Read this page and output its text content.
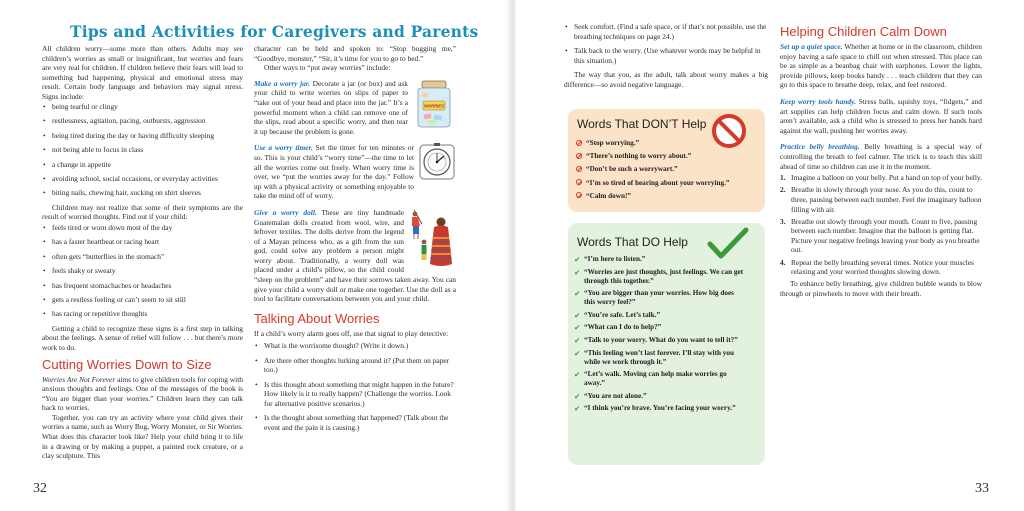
Tips and Activities for Caregivers and Parents

All children worry—some more than others. Adults may see children’s worries as small or insignificant, but worries and fears are very real for children. If children believe their fears will lead to something bad happening, physical and emotional stress may result. Certain body language and behaviors may signal stress. Signs include:

• being tearful or clingy
• restlessness, agitation, pacing, outbursts, aggression
• being tired during the day or having difficulty sleeping
• not being able to focus in class
• a change in appetite
• avoiding school, social occasions, or everyday activities
• biting nails, chewing hair, sucking on shirt sleeves

Children may not realize that some of their symptoms are the result of worried thoughts. Find out if your child:

• feels tired or worn down most of the day
• has a faster heartbeat or racing heart
• often gets “butterflies in the stomach”
• feels shaky or sweaty
• has frequent stomachaches or headaches
• gets a restless feeling or can’t seem to sit still
• has racing or repetitive thoughts

Getting a child to recognize these signs is a first step in talking about the feelings. A sense of relief will follow . . . but there’s more work to do.

Cutting Worries Down to Size

Worries Are Not Forever aims to give children tools for coping with anxious thoughts and feelings. One of the messages of the book is “You are bigger than your worries.” Children learn they can talk back to worries.

Together, you can try an activity where your child gives their worries a name, such as Worry Bug, Worry Monster, or Sir Worries. What does this character look like? Help your child bring it to life in a drawing or by making a puppet, a painted rock creature, or a clay sculpture. This

character can be held and spoken to: “Stop bugging me,” “Goodbye, monster,” “Sir, it’s time for you to go to bed.”

Other ways to “put away worries” include:

WORRIES

Make a worry jar. Decorate a jar (or box) and ask your child to write worries on slips of paper to “take out of your head and place into the jar.” It’s a powerful moment when a child can remove one of the slips, read about a specific worry, and then tear it up because the problem is gone.

Use a worry timer. Set the timer for ten minutes or so. This is your child’s “worry time”—the time to let all the worries come out freely. When worry time is over, we “put the worries away for the day.” Follow up with a physical activity or something enjoyable to take the mind off of worry.

Give a worry doll. These are tiny handmade Guatemalan dolls created from wool, wire, and leftover textiles. The dolls derive from the legend of a Mayan princess who, as a gift from the sun god, could solve any problem a person might worry about. Traditionally, a worry doll was placed under a child’s pillow, so the child could “sleep on the problem” and have their sorrows taken away. You can give your child a worry doll or make one together. Use the doll as a tool to facilitate conversations between you and your child.

Talking About Worries

If a child’s worry alarm goes off, use that signal to play detective:

• What is the worrisome thought? (Write it down.)
• Are there other thoughts lurking around it? (Put them on paper too.)
• Is this thought about something that might happen in the future? How likely is it to really happen? (Challenge the worries. Look for alternative positive scenarios.)
• Is the thought about something that happened? (Talk about the event and the pain it is causing.)
32
• Seek comfort. (Find a safe space, or if that’s not possible, use the breathing techniques on page 24.)
• Talk back to the worry. (Use whatever words may be helpful in this situation.)

The way that you, as the adult, talk about worry makes a big difference—so avoid negative language.

Words That DON’T Help
“Stop worrying.”
“There’s nothing to worry about.”
“Don’t be such a worrywart.”
“I’m so tired of hearing about your worrying.”
“Calm down!”
Words That DO Help
✔ “I’m here to listen.”
✔ “Worries are just thoughts, just feelings. We can get through this together.”
✔ “You are bigger than your worries. How big does this worry feel?”
✔ “You’re safe. Let’s talk.”
✔ “What can I do to help?”
✔ “Talk to your worry. What do you want to tell it?”
✔ “This feeling won’t last forever. I’ll stay with you while we work through it.”
✔ “Let’s walk. Moving can help make worries go away.”
✔ “You are not alone.”
✔ “I think you’re brave. You’re facing your worry.”
Helping Children Calm Down

Set up a quiet space. Whether at home or in the classroom, children enjoy having a safe space to chill out when stressed. This place can be as simple as a beanbag chair with earphones. Lower the lights, provide pillows, keep books handy . . . teach children that they can go to this space to breathe deep, relax, and feel restored.

Keep worry tools handy. Stress balls, squishy toys, “fidgets,” and art supplies can help children focus and calm down. If such tools aren’t available, ask a child who is stressed to press her hands hard against the wall, pushing her worries away.

Practice belly breathing. Belly breathing is a special way of controlling the breath to feel calmer. The trick is to teach this skill ahead of time so children can use it in the moment.

1. Imagine a balloon on your belly. Put a hand on top of your belly.
2. Breathe in slowly through your nose. As you do this, count to three, pausing between each number. Feel the imaginary balloon filling with air.
3. Breathe out slowly through your mouth. Count to five, pausing between each number. Imagine that the balloon is getting flat. Picture your negative feelings leaving your body as you breathe out.
4. Repeat the belly breathing several times. Notice your muscles relaxing and your worried thoughts slowing down.

To enhance belly breathing, give children bubble wands to blow through or pinwheels to move with their breath.

33
